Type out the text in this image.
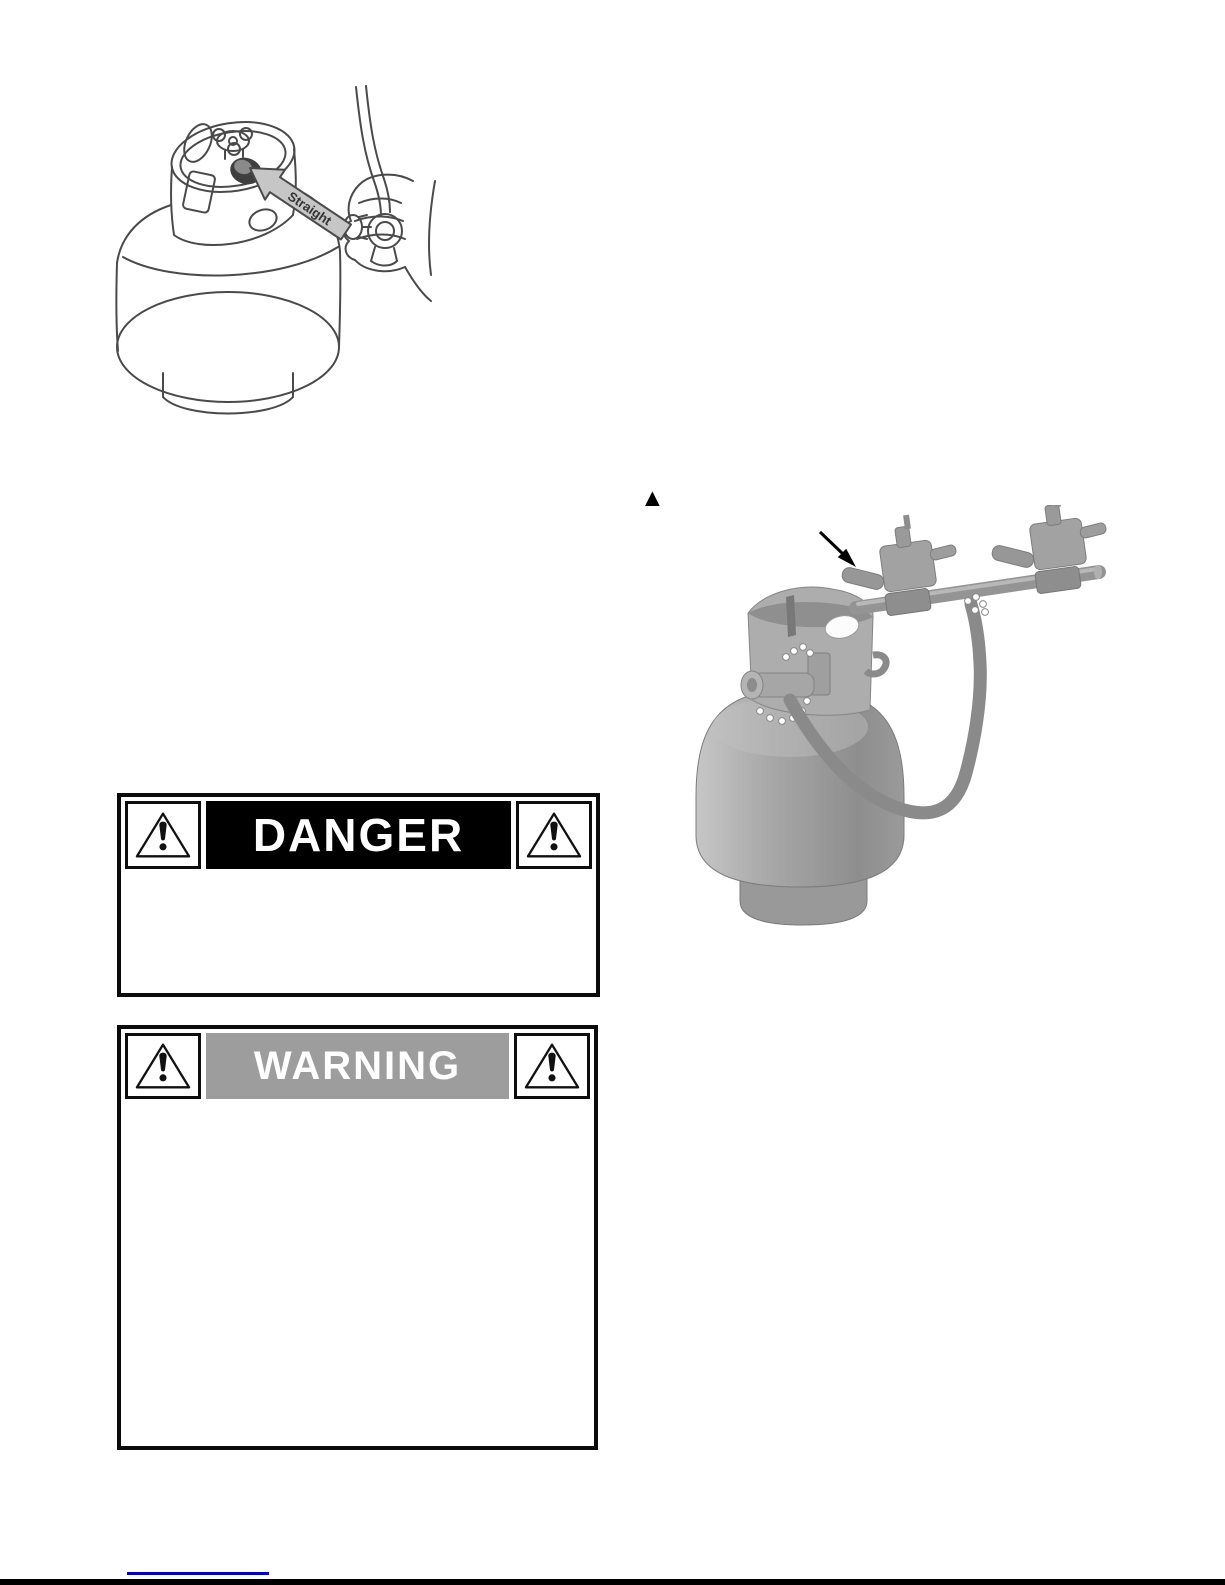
Straight
▲
DANGER
WARNING
